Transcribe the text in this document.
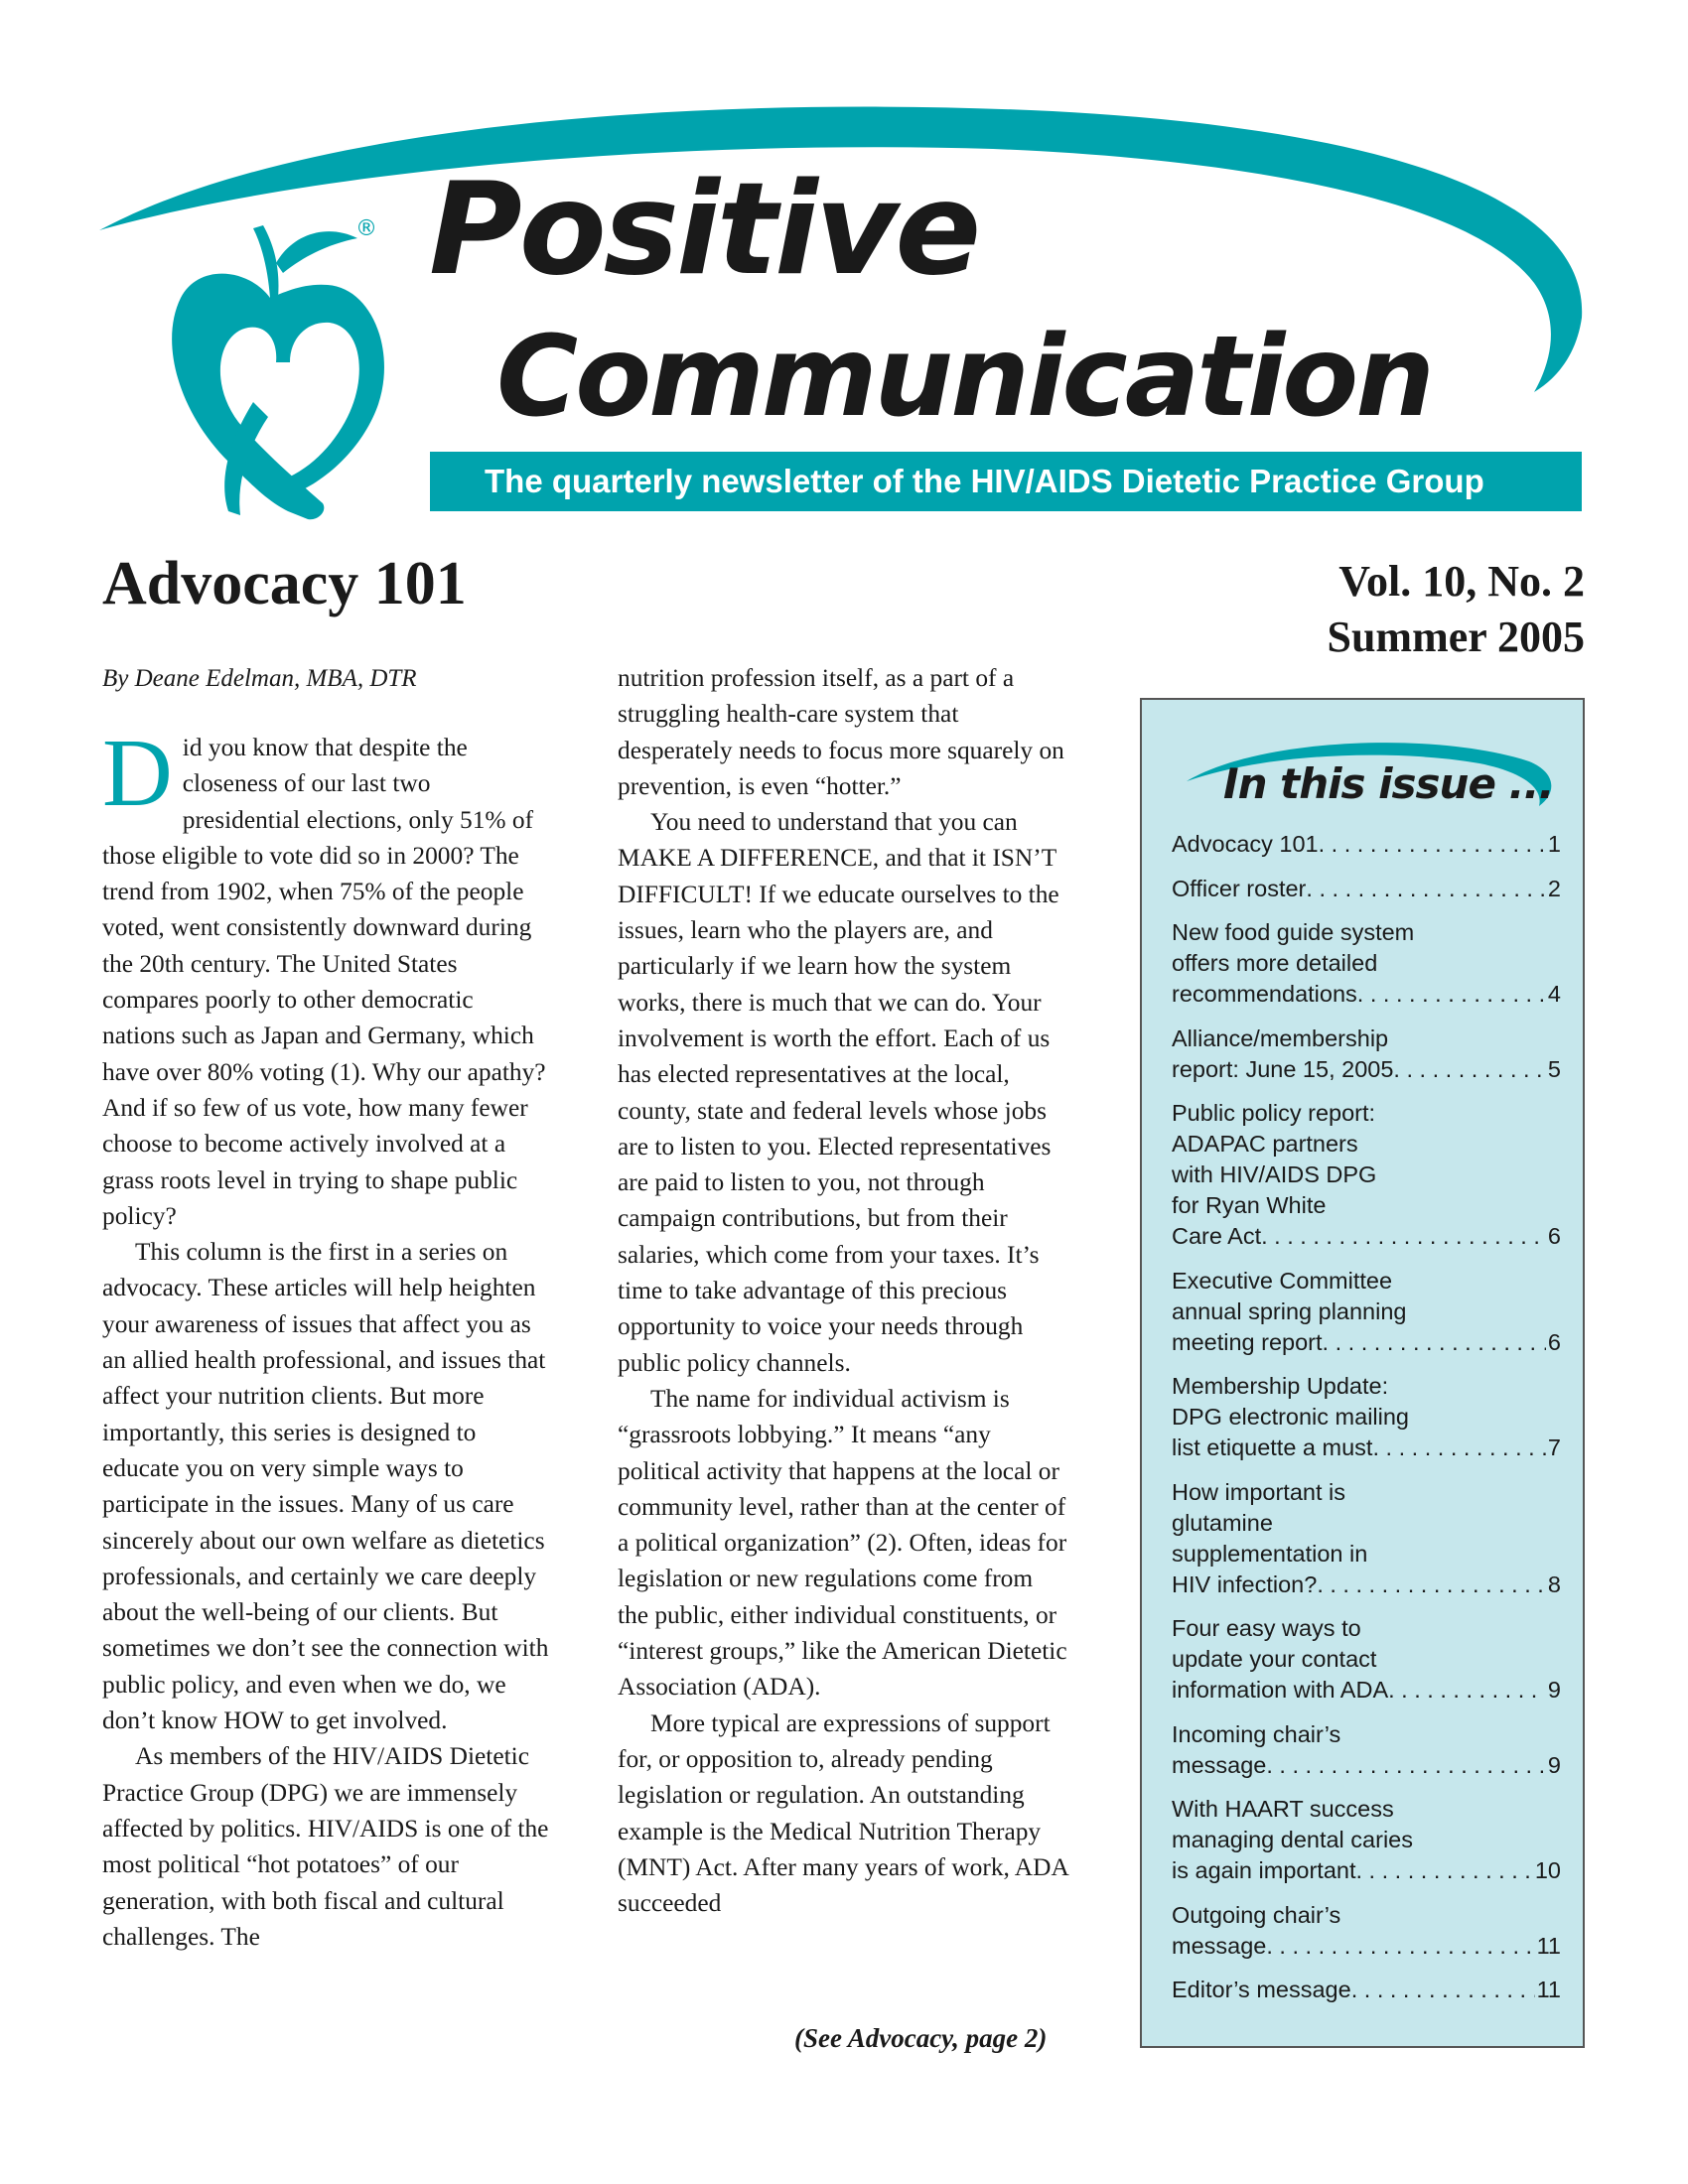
® Positive
Communication
The quarterly newsletter of the HIV/AIDS Dietetic Practice Group
Advocacy 101	Vol. 10, No. 2
Summer 2005
By Deane Edelman, MBA, DTR

Did you know that despite the closeness of our last two presidential elections, only 51% of those eligible to vote did so in 2000? The trend from 1902, when 75% of the people voted, went consistently downward during the 20th century. The United States compares poorly to other democratic nations such as Japan and Germany, which have over 80% voting (1). Why our apathy? And if so few of us vote, how many fewer choose to become actively involved at a grass roots level in trying to shape public policy?

This column is the first in a series on advocacy. These articles will help heighten your awareness of issues that affect you as an allied health professional, and issues that affect your nutrition clients. But more importantly, this series is designed to educate you on very simple ways to participate in the issues. Many of us care sincerely about our own welfare as dietetics professionals, and certainly we care deeply about the well-being of our clients. But sometimes we don’t see the connection with public policy, and even when we do, we don’t know HOW to get involved.

As members of the HIV/AIDS Dietetic Practice Group (DPG) we are immensely affected by politics. HIV/AIDS is one of the most political “hot potatoes” of our generation, with both fiscal and cultural challenges. The

nutrition profession itself, as a part of a struggling health-care system that desperately needs to focus more squarely on prevention, is even “hotter.”

You need to understand that you can MAKE A DIFFERENCE, and that it ISN’T DIFFICULT! If we educate ourselves to the issues, learn who the players are, and particularly if we learn how the system works, there is much that we can do. Your involvement is worth the effort. Each of us has elected representatives at the local, county, state and federal levels whose jobs are to listen to you. Elected representatives are paid to listen to you, not through campaign contributions, but from their salaries, which come from your taxes. It’s time to take advantage of this precious opportunity to voice your needs through public policy channels.

The name for individual activism is “grassroots lobbying.” It means “any political activity that happens at the local or community level, rather than at the center of a political organization” (2). Often, ideas for legislation or new regulations come from the public, either individual constituents, or “interest groups,” like the American Dietetic Association (ADA).

More typical are expressions of support for, or opposition to, already pending legislation or regulation. An outstanding example is the Medical Nutrition Therapy (MNT) Act. After many years of work, ADA succeeded

(See Advocacy, page 2)
In this issue ...
Advocacy 101 . . .	1
Officer roster . . .	2
New food guide system
offers more detailed
recommendations . . .	4
Alliance/membership
report: June 15, 2005 . . .	5
Public policy report:
ADAPAC partners
with HIV/AIDS DPG
for Ryan White
Care Act . . .	6
Executive Committee
annual spring planning
meeting report . . .	6
Membership Update:
DPG electronic mailing
list etiquette a must . . .	7
How important is
glutamine
supplementation in
HIV infection? . . .	8
Four easy ways to
update your contact
information with ADA . . .	9
Incoming chair’s
message . . .	9
With HAART success
managing dental caries
is again important . . .	10
Outgoing chair’s
message . . .	11
Editor’s message . . .	11
